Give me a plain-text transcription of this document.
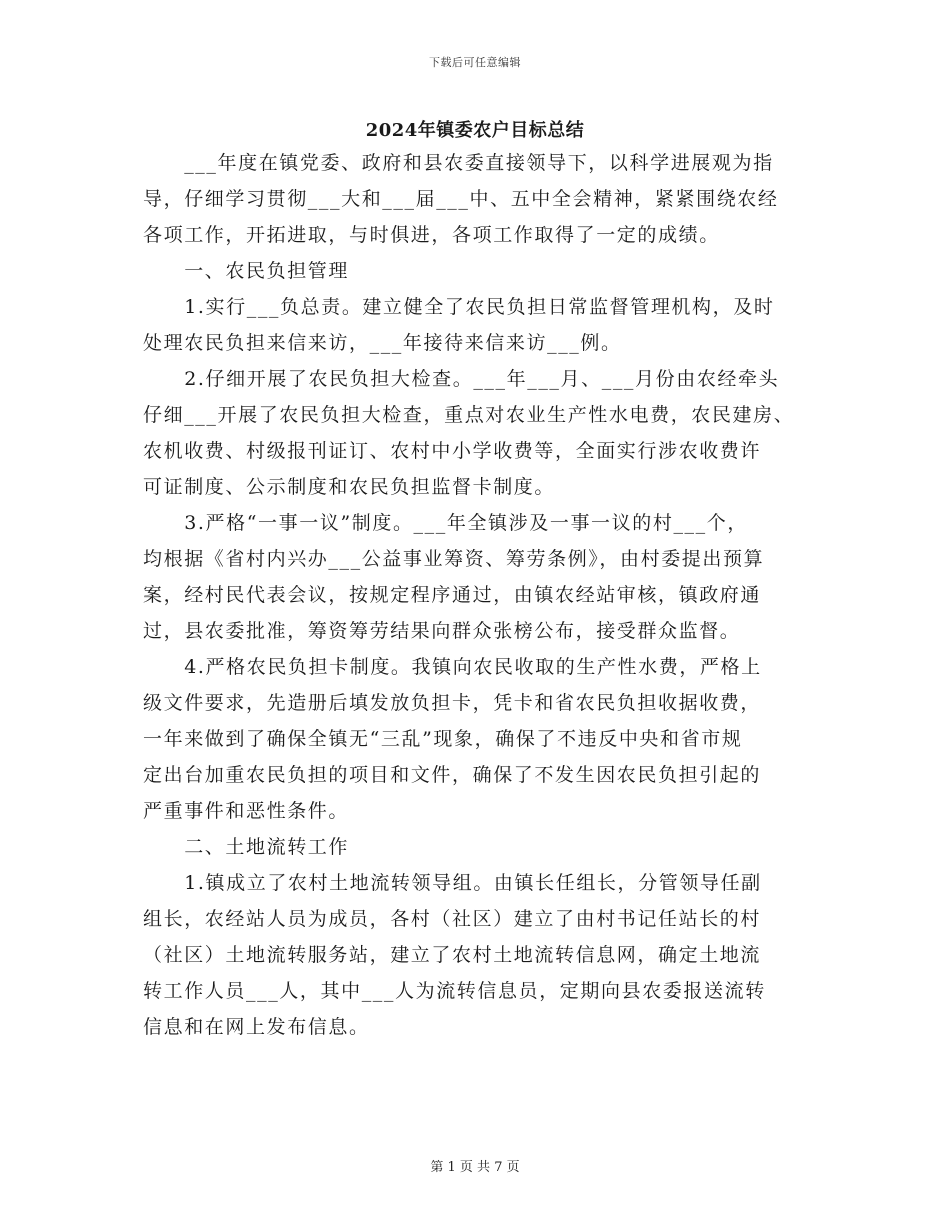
下载后可任意编辑
2024年镇委农户目标总结
　　___年度在镇党委、政府和县农委直接领导下，以科学进展观为指
导，仔细学习贯彻___大和___届___中、五中全会精神，紧紧围绕农经
各项工作，开拓进取，与时俱进，各项工作取得了一定的成绩。
　　一、农民负担管理
　　1.实行___负总责。建立健全了农民负担日常监督管理机构，及时
处理农民负担来信来访，___年接待来信来访___例。
　　2.仔细开展了农民负担大检查。___年___月、___月份由农经牵头
仔细___开展了农民负担大检查，重点对农业生产性水电费，农民建房、
农机收费、村级报刊证订、农村中小学收费等，全面实行涉农收费许
可证制度、公示制度和农民负担监督卡制度。
　　3.严格“一事一议”制度。___年全镇涉及一事一议的村___个，
均根据《省村内兴办___公益事业筹资、筹劳条例》，由村委提出预算
案，经村民代表会议，按规定程序通过，由镇农经站审核，镇政府通
过，县农委批准，筹资筹劳结果向群众张榜公布，接受群众监督。
　　4.严格农民负担卡制度。我镇向农民收取的生产性水费，严格上
级文件要求，先造册后填发放负担卡，凭卡和省农民负担收据收费，
一年来做到了确保全镇无“三乱”现象，确保了不违反中央和省市规
定出台加重农民负担的项目和文件，确保了不发生因农民负担引起的
严重事件和恶性条件。
　　二、土地流转工作
　　1.镇成立了农村土地流转领导组。由镇长任组长，分管领导任副
组长，农经站人员为成员，各村（社区）建立了由村书记任站长的村
（社区）土地流转服务站，建立了农村土地流转信息网，确定土地流
转工作人员___人，其中___人为流转信息员，定期向县农委报送流转
信息和在网上发布信息。
第 1 页 共 7 页
